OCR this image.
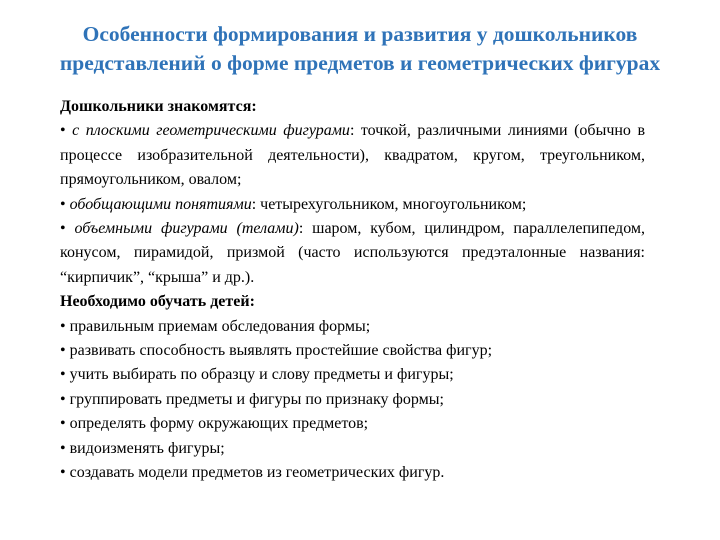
Особенности формирования и развития у дошкольников
представлений о форме предметов и геометрических фигурах

Дошкольники знакомятся:

• с плоскими геометрическими фигурами: точкой, различными линиями (обычно в процессе изобразительной деятельности), квадратом, кругом, треугольником, прямоугольником, овалом;

• обобщающими понятиями: четырехугольником, многоугольником;

• объемными фигурами (телами): шаром, кубом, цилиндром, параллелепипедом, конусом, пирамидой, призмой (часто используются предэталонные названия: “кирпичик”, “крыша” и др.).

Необходимо обучать детей:

• правильным приемам обследования формы;

• развивать способность выявлять простейшие свойства фигур;

• учить выбирать по образцу и слову предметы и фигуры;

• группировать предметы и фигуры по признаку формы;

• определять форму окружающих предметов;

• видоизменять фигуры;

• создавать модели предметов из геометрических фигур.
